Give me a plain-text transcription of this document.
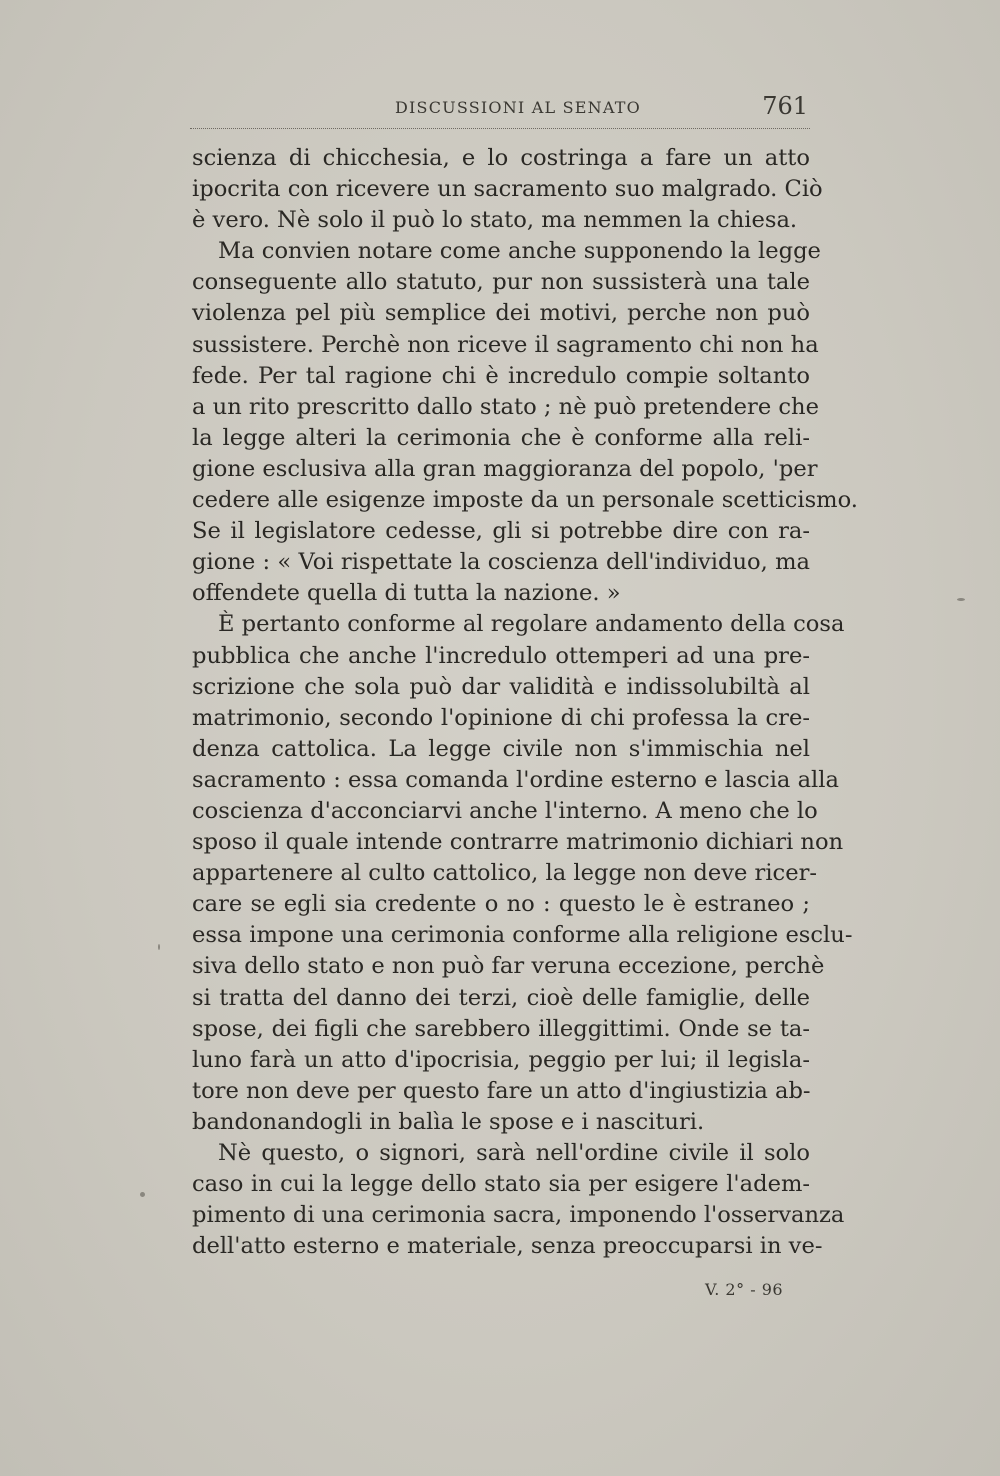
DISCUSSIONI AL SENATO	761
scienza di chicchesia, e lo costringa a fare un atto
ipocrita con ricevere un sacramento suo malgrado. Ciò
è vero. Nè solo il può lo stato, ma nemmen la chiesa.
Ma convien notare come anche supponendo la legge
conseguente allo statuto, pur non sussisterà una tale
violenza pel più semplice dei motivi, perche non può
sussistere. Perchè non riceve il sagramento chi non ha
fede. Per tal ragione chi è incredulo compie soltanto
a un rito prescritto dallo stato ; nè può pretendere che
la legge alteri la cerimonia che è conforme alla reli-
gione esclusiva alla gran maggioranza del popolo, 'per
cedere alle esigenze imposte da un personale scetticismo.
Se il legislatore cedesse, gli si potrebbe dire con ra-
gione : « Voi rispettate la coscienza dell'individuo, ma
offendete quella di tutta la nazione. »
È pertanto conforme al regolare andamento della cosa
pubblica che anche l'incredulo ottemperi ad una pre-
scrizione che sola può dar validità e indissolubiltà al
matrimonio, secondo l'opinione di chi professa la cre-
denza cattolica. La legge civile non s'immischia nel
sacramento : essa comanda l'ordine esterno e lascia alla
coscienza d'acconciarvi anche l'interno. A meno che lo
sposo il quale intende contrarre matrimonio dichiari non
appartenere al culto cattolico, la legge non deve ricer-
care se egli sia credente o no : questo le è estraneo ;
essa impone una cerimonia conforme alla religione esclu-
siva dello stato e non può far veruna eccezione, perchè
si tratta del danno dei terzi, cioè delle famiglie, delle
spose, dei figli che sarebbero illeggittimi. Onde se ta-
luno farà un atto d'ipocrisia, peggio per lui; il legisla-
tore non deve per questo fare un atto d'ingiustizia ab-
bandonandogli in balìa le spose e i nascituri.
Nè questo, o signori, sarà nell'ordine civile il solo
caso in cui la legge dello stato sia per esigere l'adem-
pimento di una cerimonia sacra, imponendo l'osservanza
dell'atto esterno e materiale, senza preoccuparsi in ve-
V. 2° - 96
